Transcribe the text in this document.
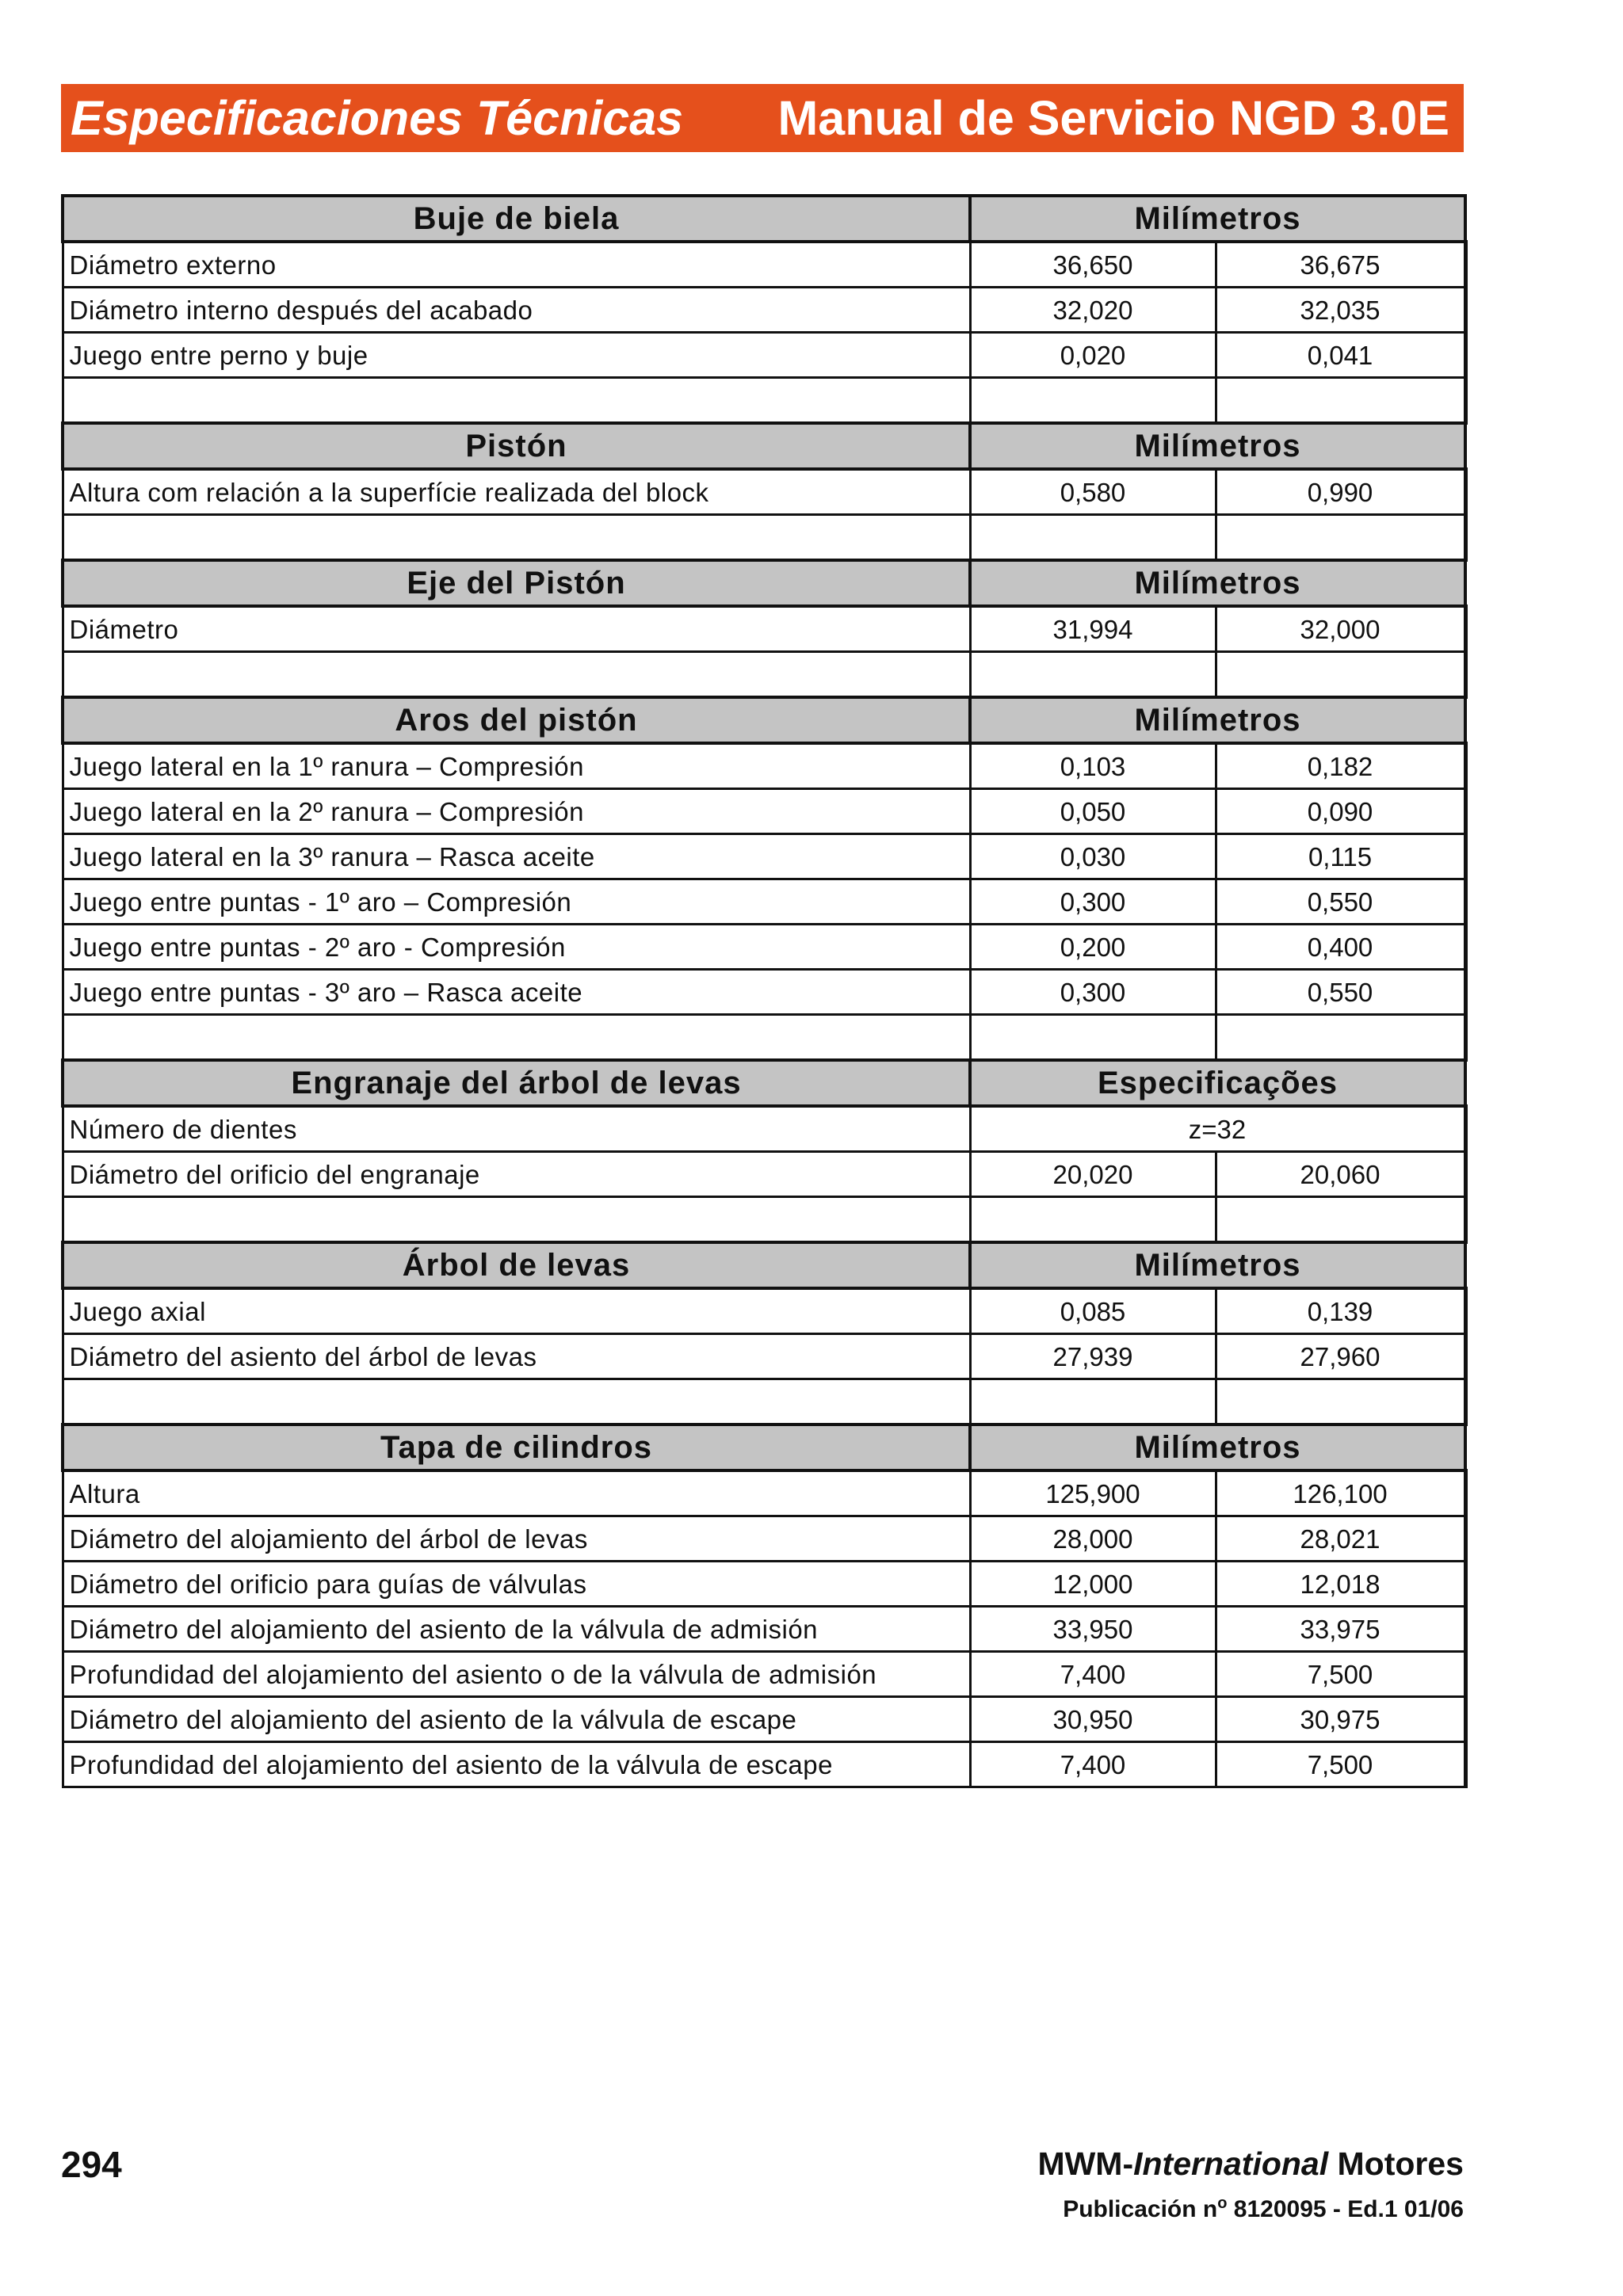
Especificaciones Técnicas Manual de Servicio NGD 3.0E
Buje de biela	Milímetros	
Diámetro externo	36,650	36,675
Diámetro interno después del acabado	32,020	32,035
Juego entre perno y buje	0,020	0,041

Pistón	Milímetros	
Altura com relación a la superfície realizada del block	0,580	0,990

Eje del Pistón	Milímetros	
Diámetro	31,994	32,000

Aros del pistón	Milímetros	
Juego lateral en la 1º ranura – Compresión	0,103	0,182
Juego lateral en la 2º ranura – Compresión	0,050	0,090
Juego lateral en la 3º ranura – Rasca aceite	0,030	0,115
Juego entre puntas - 1º aro – Compresión	0,300	0,550
Juego entre puntas - 2º aro - Compresión	0,200	0,400
Juego entre puntas - 3º aro – Rasca aceite	0,300	0,550

Engranaje del árbol de levas	Especificações	
Número de dientes	z=32	
Diámetro del orificio del engranaje	20,020	20,060

Árbol de levas	Milímetros	
Juego axial	0,085	0,139
Diámetro del asiento del árbol de levas	27,939	27,960

Tapa de cilindros	Milímetros	
Altura	125,900	126,100
Diámetro del alojamiento del árbol de levas	28,000	28,021
Diámetro del orificio para guías de válvulas	12,000	12,018
Diámetro del alojamiento del asiento de la válvula de admisión	33,950	33,975
Profundidad del alojamiento del asiento o de la válvula de admisión	7,400	7,500
Diámetro del alojamiento del asiento de la válvula de escape	30,950	30,975
Profundidad del alojamiento del asiento de la válvula de escape	7,400	7,500
294	MWM-International Motores
Publicación $n^o$ 8120095 - Ed.1 01/06
